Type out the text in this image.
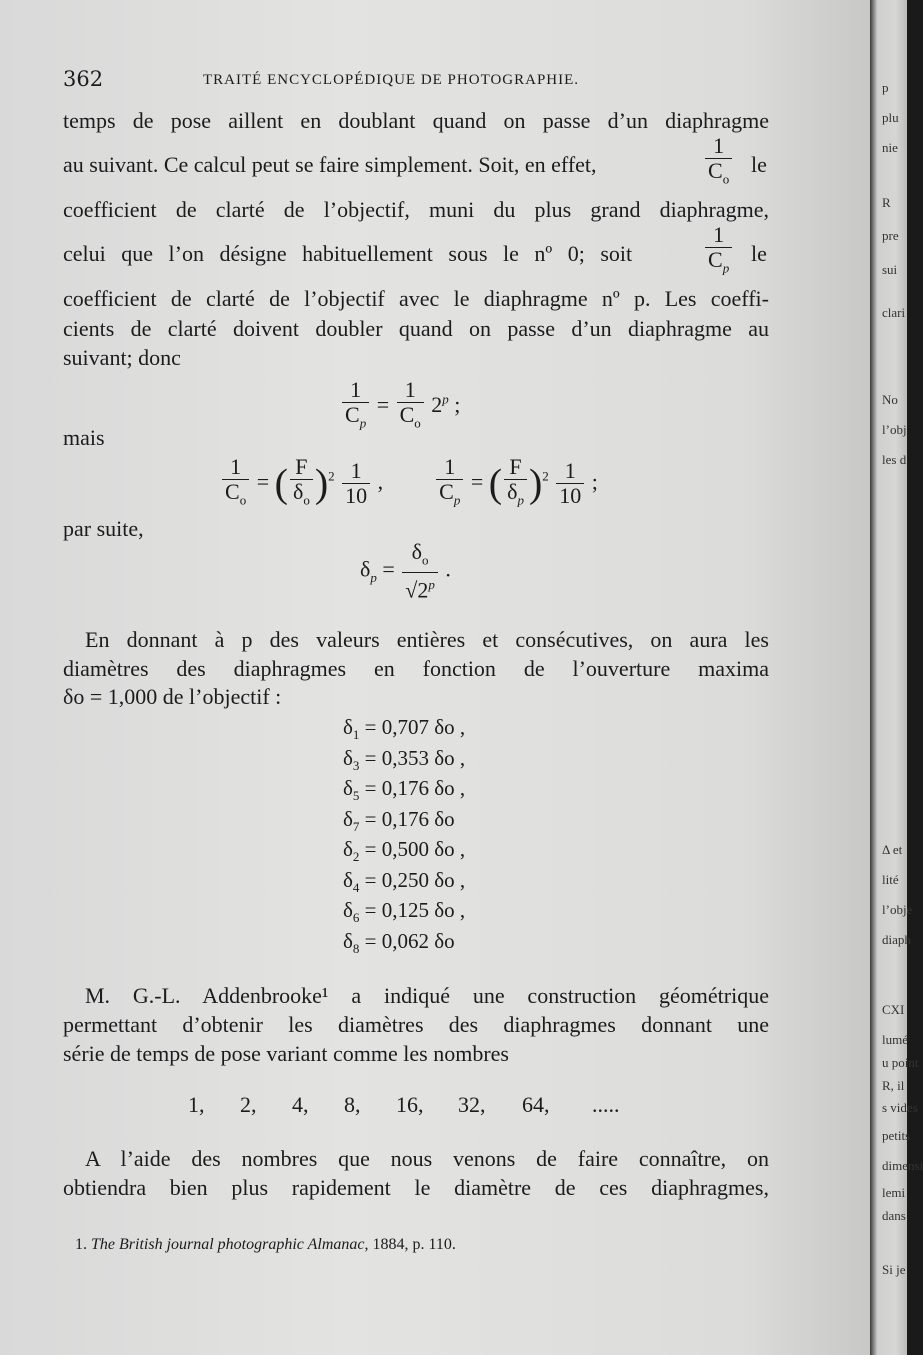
362	TRAITÉ ENCYCLOPÉDIQUE DE PHOTOGRAPHIE.
temps de pose aillent en doublant quand on passe d’un diaphragme
au suivant. Ce calcul peut se faire simplement. Soit, en effet,	$\frac{1}{C_o}$ le
coefficient de clarté de l’objectif, muni du plus grand diaphragme,
celui que l’on désigne habituellement sous le nº 0; soit	$\frac{1}{C_p}$ le
coefficient de clarté de l’objectif avec le diaphragme nº p. Les coeffi-
cients de clarté doivent doubler quand on passe d’un diaphragme au
suivant; donc
$\frac{1}{C_p} = \frac{1}{C_o} 2^p$ ;
mais
$\frac{1}{C_o}$ = ( $\frac{F}{\delta_o} )^2 \frac{1}{10}$ , $\frac{1}{C_p}$ = ( $\frac{F}{\delta_p} )^2 \frac{1}{10}$ ;
par suite,
$\delta_p = \frac{\delta_o}{√2^p}$ .
En donnant à p des valeurs entières et consécutives, on aura les
diamètres des diaphragmes en fonction de l’ouverture maxima
δo = 1,000 de l’objectif :
$\delta_1 = 0,707$ δo ,
$\delta_3 = 0,353$ δo ,
$\delta_5 = 0,176$ δo ,
$\delta_7 = 0,176$ δo
$\delta_2 = 0,500$ δo ,
$\delta_4 = 0,250$ δo ,
$\delta_6 = 0,125$ δo ,
$\delta_8 = 0,062$ δo
M. G.-L. Addenbrooke¹ a indiqué une construction géométrique
permettant d’obtenir les diamètres des diaphragmes donnant une
série de temps de pose variant comme les nombres
1, 2, 4, 8, 16, 32, 64, .....
A l’aide des nombres que nous venons de faire connaître, on
obtiendra bien plus rapidement le diamètre de ces diaphragmes,
1. The British journal photographic Almanac, 1884, p. 110.
p
plu
nie
R
pre
sui
clari
No
l’obj
les d
Δ et
lité
l’obje
diaph
CXI
lumé
u point
R, il
s vides
petits
dimensi
lemi
dans
Si je
